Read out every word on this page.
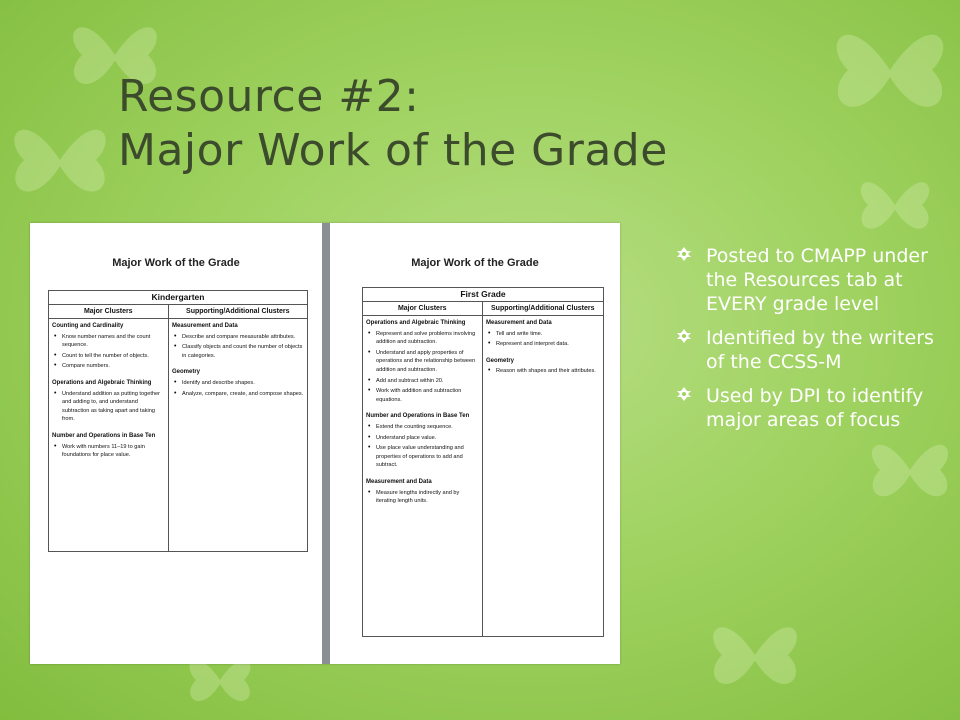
Resource #2:
Major Work of the Grade
Major Work of the Grade
Kindergarten
Major Clusters	Supporting/Additional Clusters
Counting and Cardinality
• Know number names and the count sequence.
• Count to tell the number of objects.
• Compare numbers.
Operations and Algebraic Thinking
• Understand addition as putting together and adding to, and understand subtraction as taking apart and taking from.
Number and Operations in Base Ten
• Work with numbers 11–19 to gain foundations for place value.
Measurement and Data
• Describe and compare measurable attributes.
• Classify objects and count the number of objects in categories.
Geometry
• Identify and describe shapes.
• Analyze, compare, create, and compose shapes.
Major Work of the Grade
First Grade
Major Clusters	Supporting/Additional Clusters
Operations and Algebraic Thinking
• Represent and solve problems involving addition and subtraction.
• Understand and apply properties of operations and the relationship between addition and subtraction.
• Add and subtract within 20.
• Work with addition and subtraction equations.
Number and Operations in Base Ten
• Extend the counting sequence.
• Understand place value.
• Use place value understanding and properties of operations to add and subtract.
Measurement and Data
• Measure lengths indirectly and by iterating length units.
Measurement and Data
• Tell and write time.
• Represent and interpret data.
Geometry
• Reason with shapes and their attributes.
Posted to CMAPP under the Resources tab at EVERY grade level
Identified by the writers of the CCSS-M
Used by DPI to identify major areas of focus
